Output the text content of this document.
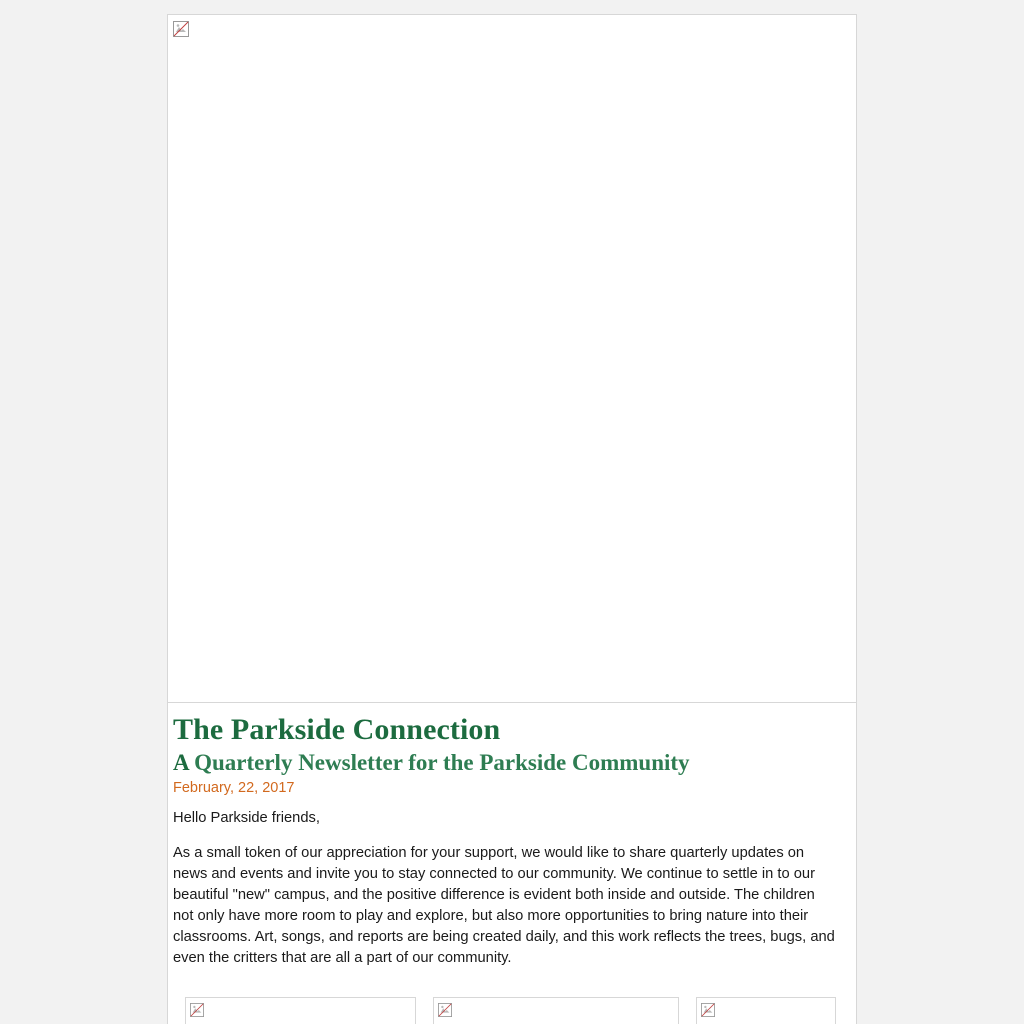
The Parkside Connection
A Quarterly Newsletter for the Parkside Community
February, 22, 2017

Hello Parkside friends,

As a small token of our appreciation for your support, we would like to share quarterly updates on news and events and invite you to stay connected to our community. We continue to settle in to our beautiful "new" campus, and the positive difference is evident both inside and outside. The children not only have more room to play and explore, but also more opportunities to bring nature into their classrooms. Art, songs, and reports are being created daily, and this work reflects the trees, bugs, and even the critters that are all a part of our community.
